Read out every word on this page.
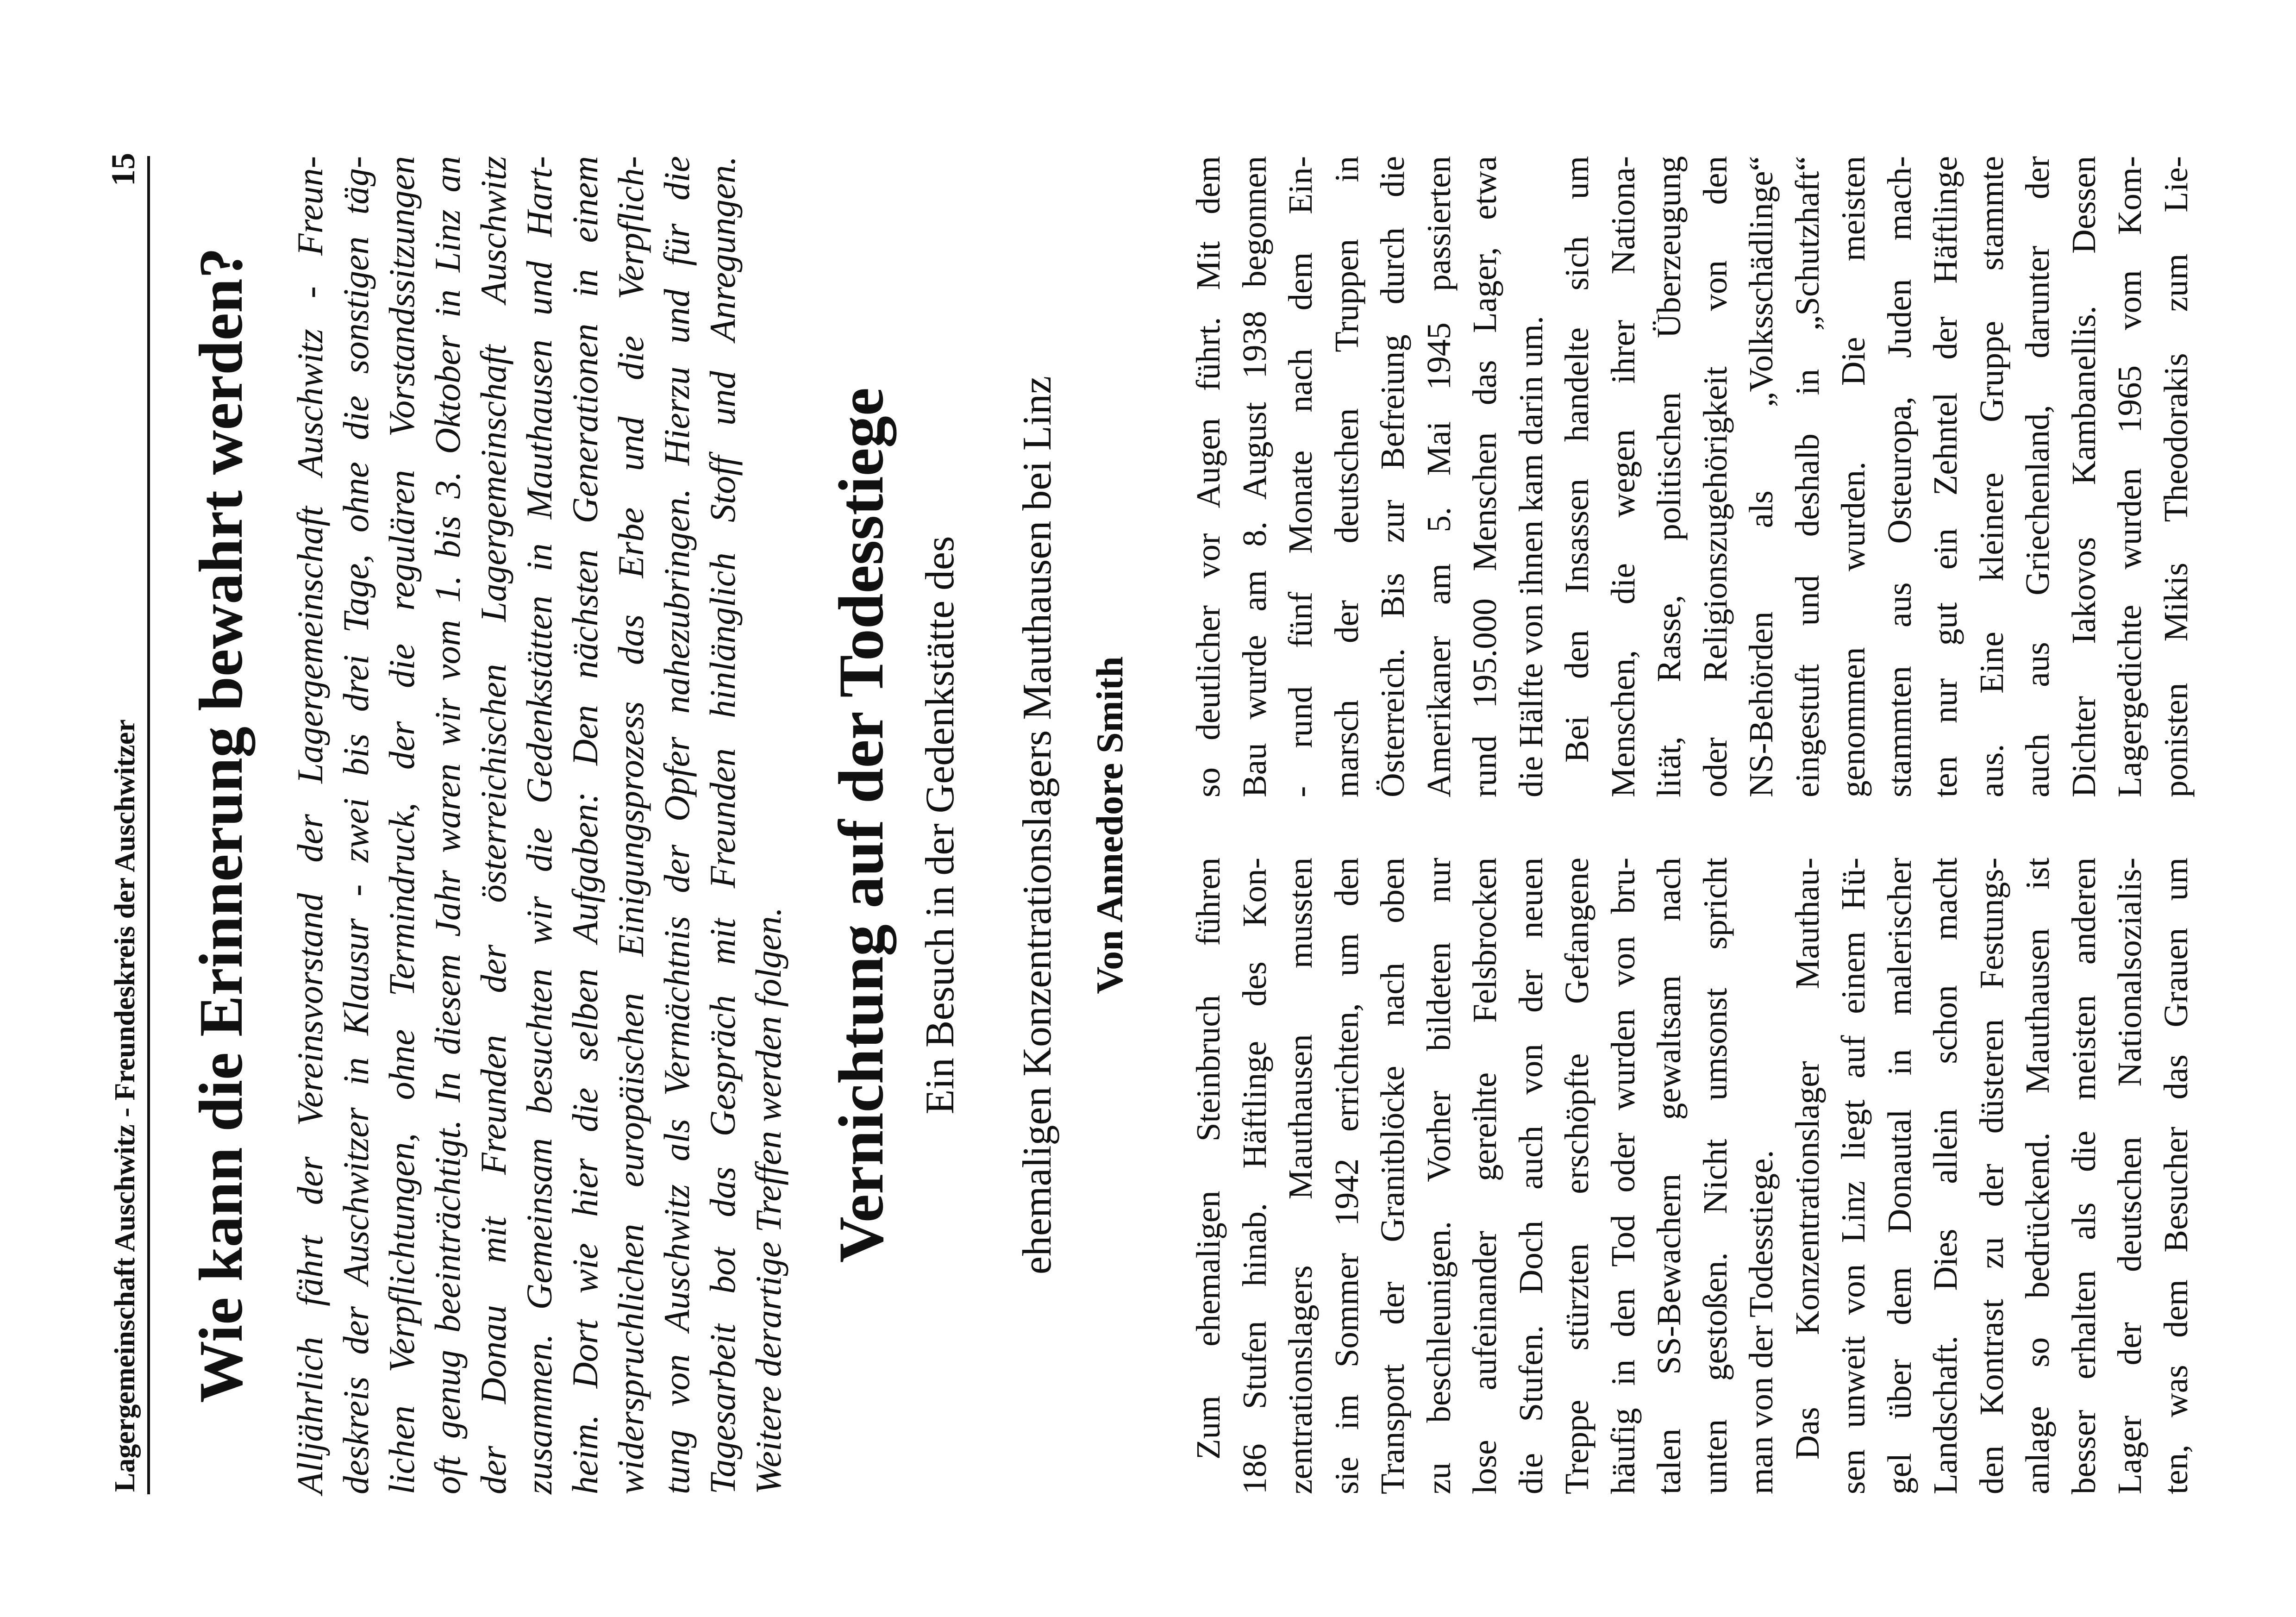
Lagergemeinschaft Auschwitz - Freundeskreis der Auschwitzer
15
Wie kann die Erinnerung bewahrt werden? Alljährlich fährt der Vereinsvorstand der Lagergemeinschaft Auschwitz - Freun- deskreis der Auschwitzer in Klausur - zwei bis drei Tage, ohne die sonstigen täg- lichen Verpflichtungen, ohne Termindruck, der die regulären Vorstandssitzungen oft genug beeinträchtigt. In diesem Jahr waren wir vom 1. bis 3. Oktober in Linz an der Donau mit Freunden der österreichischen Lagergemeinschaft Auschwitz zusammen. Gemeinsam besuchten wir die Gedenkstätten in Mauthausen und Hart- heim. Dort wie hier die selben Aufgaben: Den nächsten Generationen in einem widerspruchlichen europäischen Einigungsprozess das Erbe und die Verpflich- tung von Auschwitz als Vermächtnis der Opfer nahezubringen. Hierzu und für die Tagesarbeit bot das Gespräch mit Freunden hinlänglich Stoff und Anregungen. Weitere derartige Treffen werden folgen. Vernichtung auf der Todesstiege Ein Besuch in der Gedenkstätte des ehemaligen Konzentrationslagers Mauthausen bei Linz Von Annedore Smith
Zum ehemaligen Steinbruch führen 186 Stufen hinab. Häftlinge des Kon- zentrationslagers Mauthausen mussten sie im Sommer 1942 errichten, um den Transport der Granitblöcke nach oben zu beschleunigen. Vorher bildeten nur lose aufeinander gereihte Felsbrocken die Stufen. Doch auch von der neuen Treppe stürzten erschöpfte Gefangene häufig in den Tod oder wurden von bru- talen SS-Bewachern gewaltsam nach unten gestoßen. Nicht umsonst spricht man von der Todesstiege. Das Konzentrationslager Mauthau- sen unweit von Linz liegt auf einem Hü- gel über dem Donautal in malerischer Landschaft. Dies allein schon macht den Kontrast zu der düsteren Festungs- anlage so bedrückend. Mauthausen ist besser erhalten als die meisten anderen Lager der deutschen Nationalsozialis- ten, was dem Besucher das Grauen um
so deutlicher vor Augen führt. Mit dem Bau wurde am 8. August 1938 begonnen - rund fünf Monate nach dem Ein- marsch der deutschen Truppen in Österreich. Bis zur Befreiung durch die Amerikaner am 5. Mai 1945 passierten rund 195.000 Menschen das Lager, etwa die Hälfte von ihnen kam darin um. Bei den Insassen handelte sich um Menschen, die wegen ihrer Nationa- lität, Rasse, politischen Überzeugung oder Religionszugehörigkeit von den NS-Behörden als „Volksschädlinge“ eingestuft und deshalb in „Schutzhaft“ genommen wurden. Die meisten stammten aus Osteuropa, Juden mach- ten nur gut ein Zehntel der Häftlinge aus. Eine kleinere Gruppe stammte auch aus Griechenland, darunter der Dichter Iakovos Kambanellis. Dessen Lagergedichte wurden 1965 vom Kom- ponisten Mikis Theodorakis zum Lie-
